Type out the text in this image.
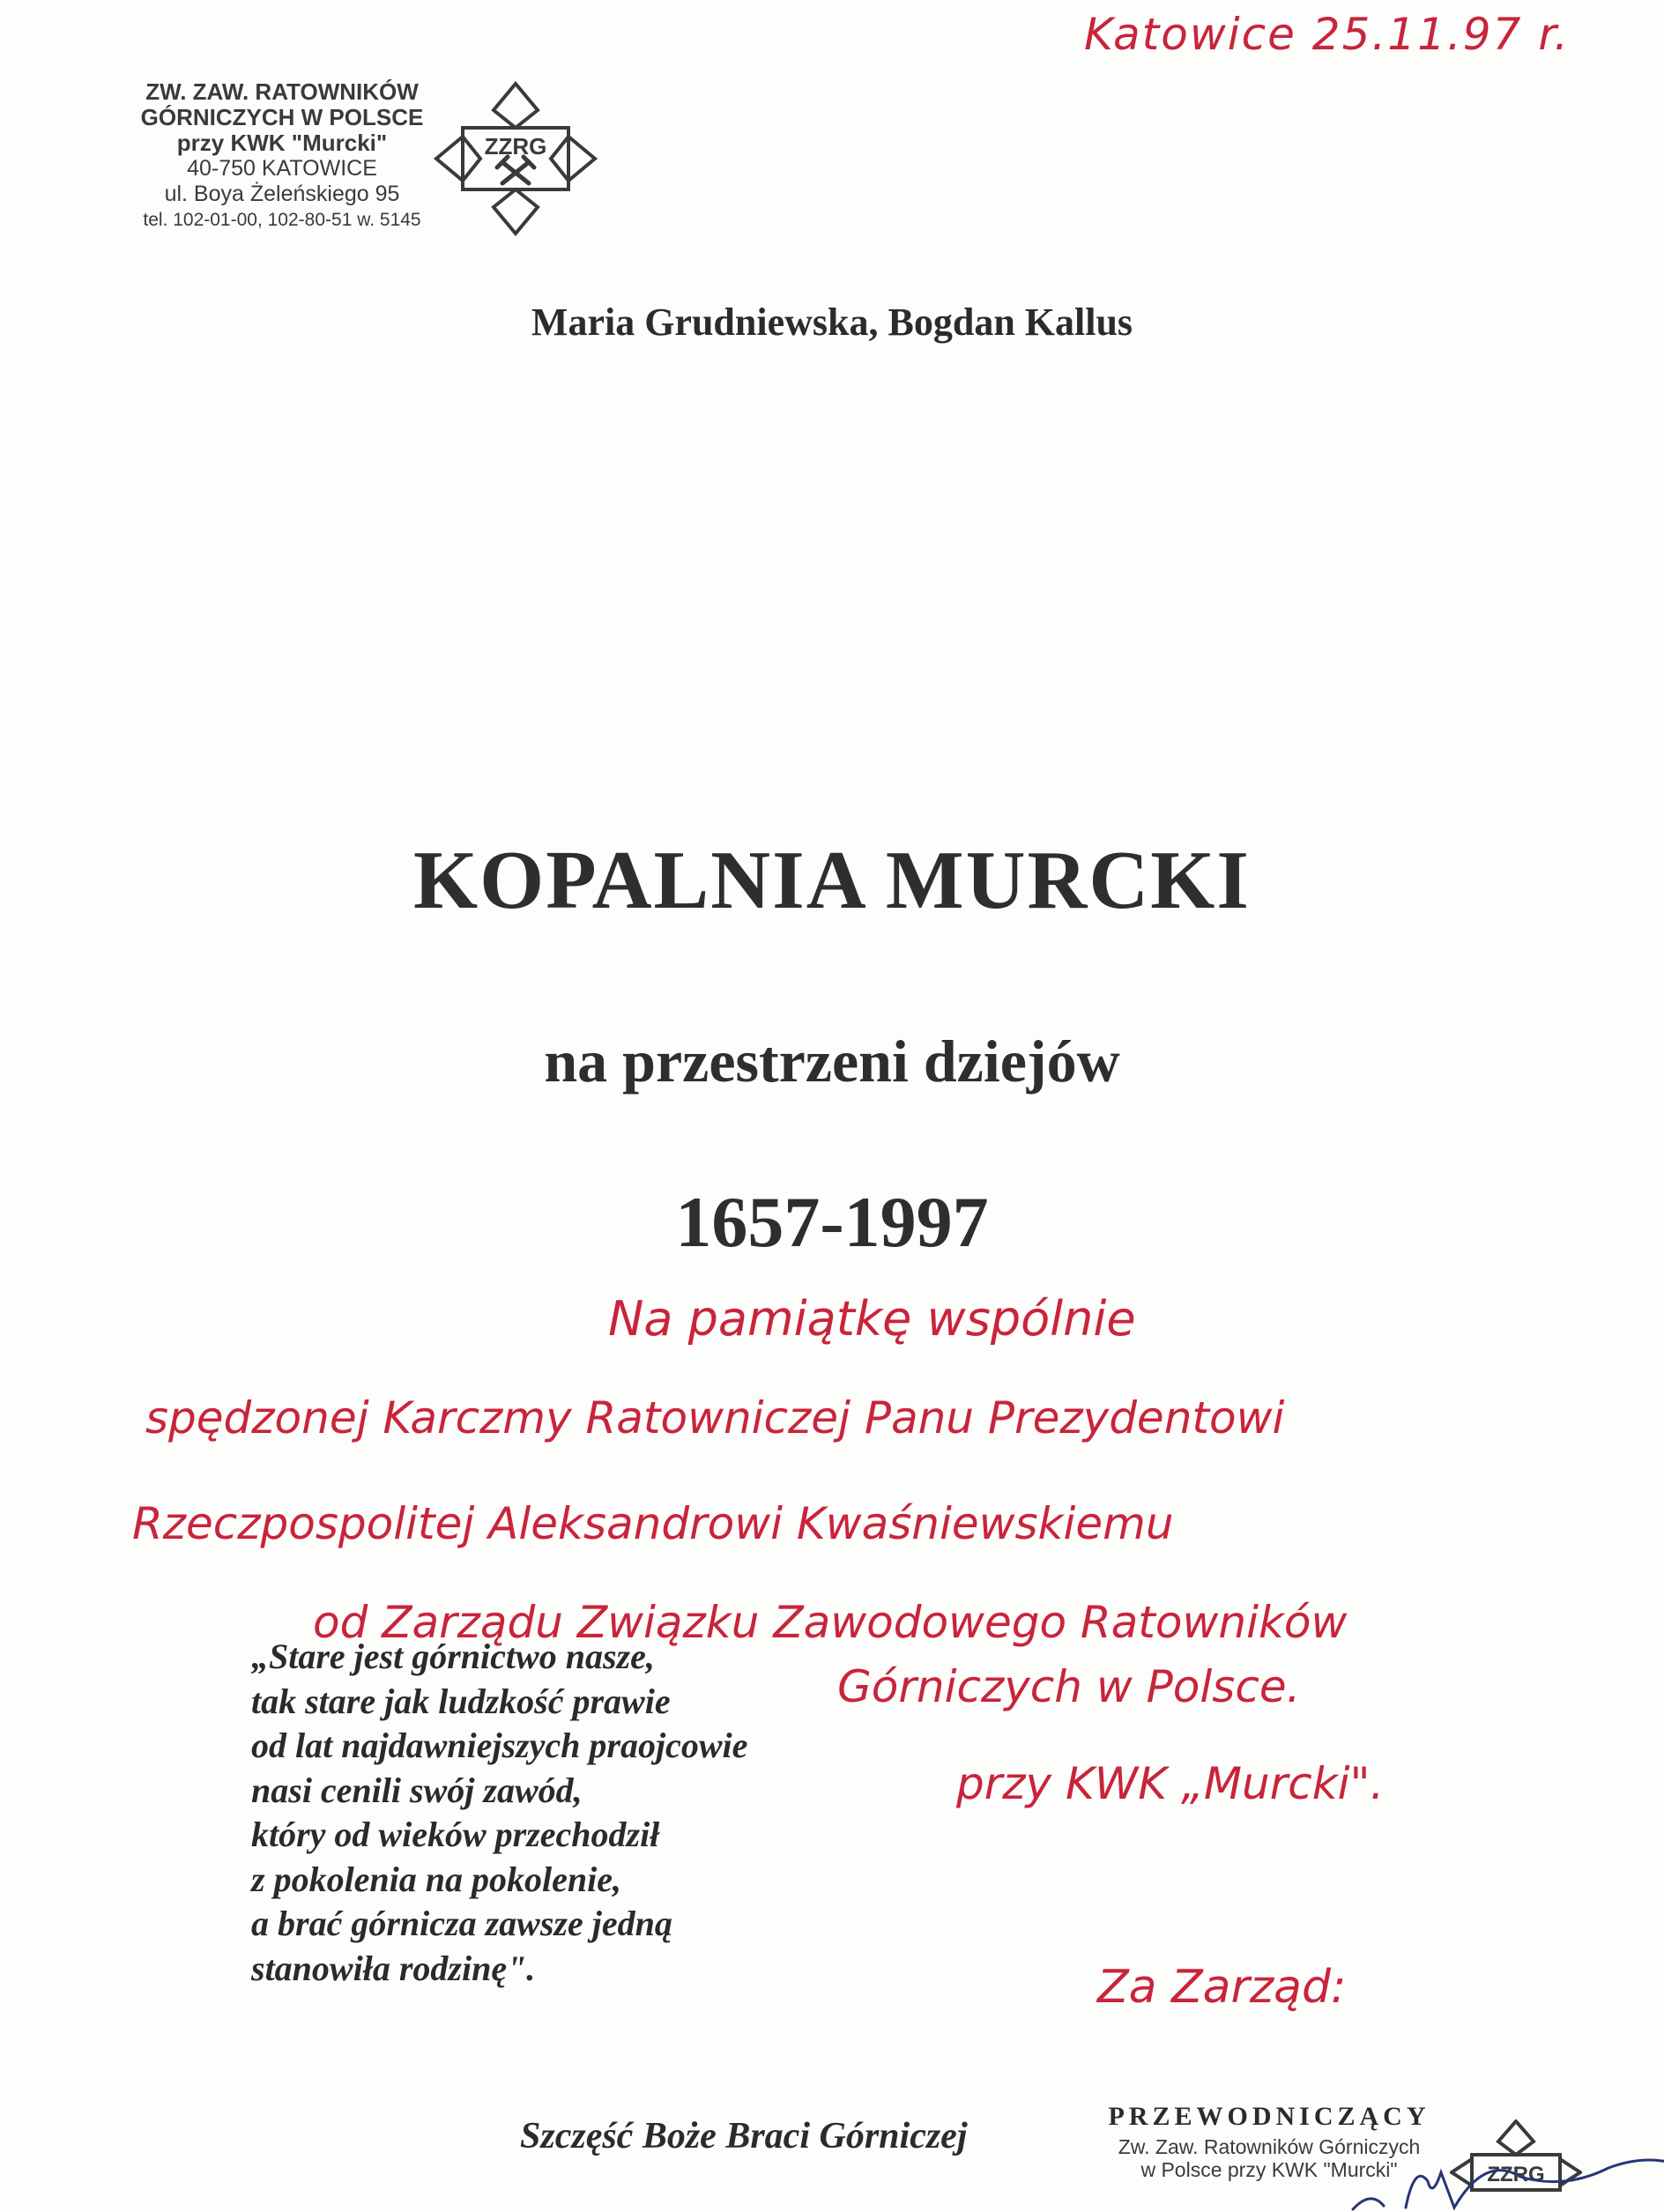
Katowice 25.11.97 r.
ZW. ZAW. RATOWNIKÓW
GÓRNICZYCH W POLSCE
przy KWK "Murcki"
40-750 KATOWICE
ul. Boya Żeleńskiego 95
tel. 102-01-00, 102-80-51 w. 5145
ZZRG
Maria Grudniewska, Bogdan Kallus
KOPALNIA MURCKI
na przestrzeni dziejów
1657-1997
Na pamiątkę wspólnie
spędzonej Karczmy Ratowniczej Panu Prezydentowi
Rzeczpospolitej Aleksandrowi Kwaśniewskiemu
od Zarządu Związku Zawodowego Ratowników
Górniczych w Polsce.
przy KWK „Murcki".
„Stare jest górnictwo nasze,
tak stare jak ludzkość prawie
od lat najdawniejszych praojcowie
nasi cenili swój zawód,
który od wieków przechodził
z pokolenia na pokolenie,
a brać górnicza zawsze jedną
stanowiła rodzinę".	Za Zarząd:
Szczęść Boże Braci Górniczej	PRZEWODNICZĄCY
Zw. Zaw. Ratowników Górniczych
w Polsce przy KWK "Murcki"	ZZRG
